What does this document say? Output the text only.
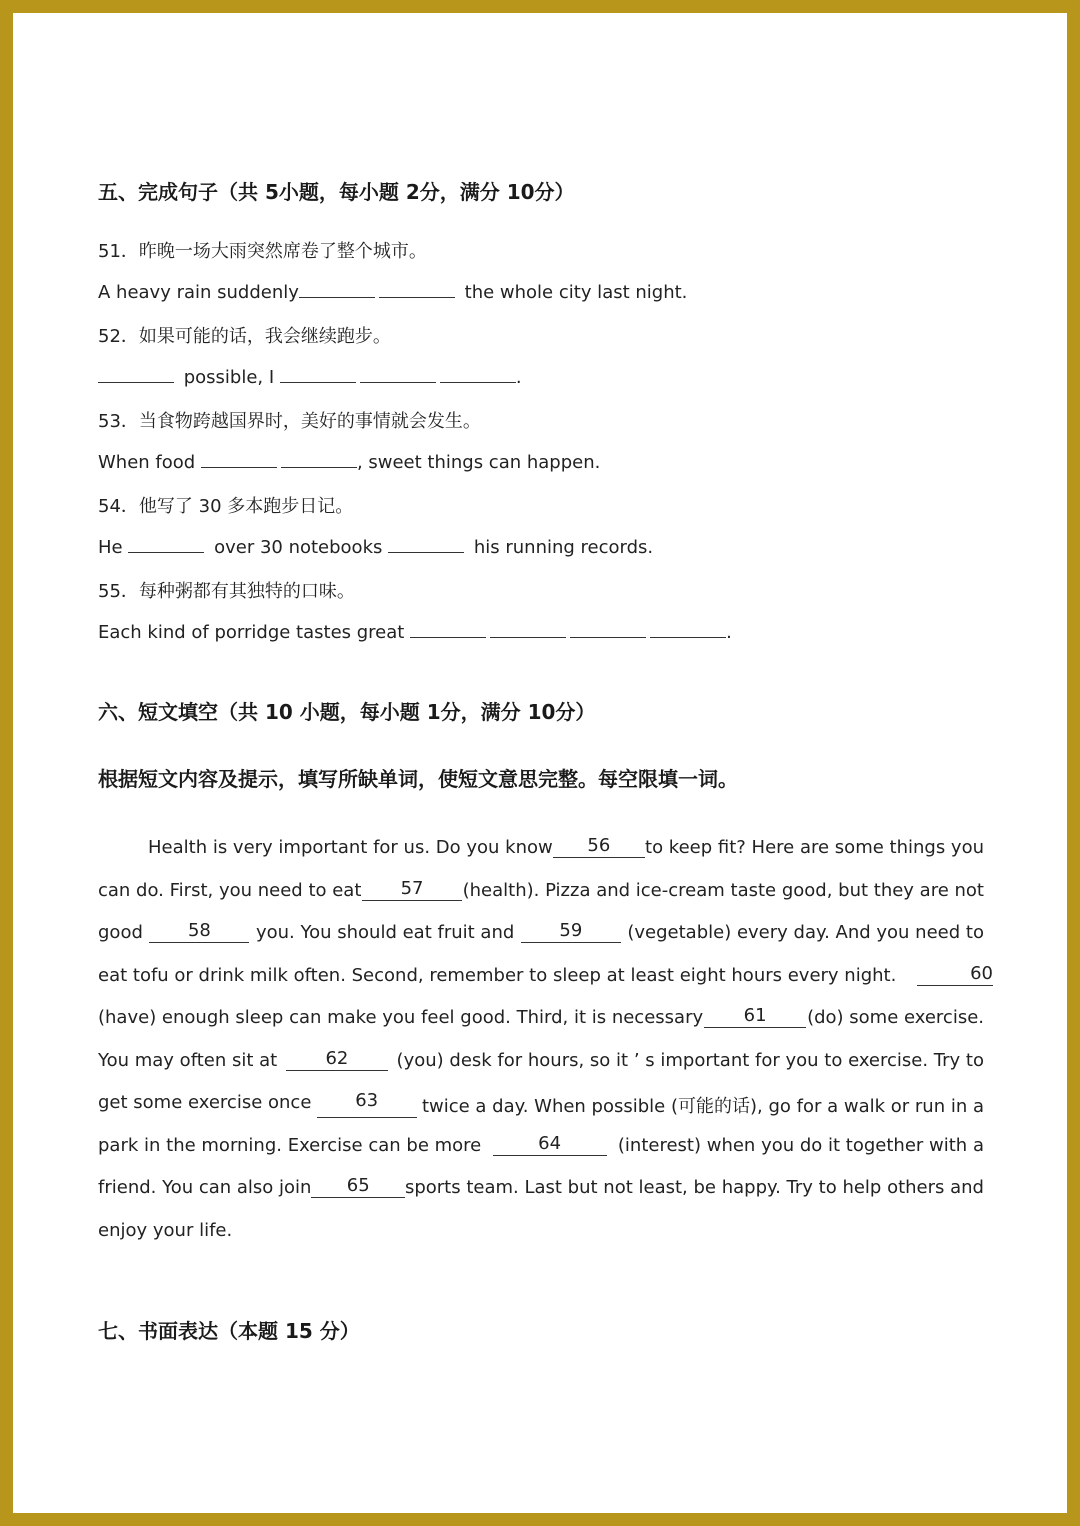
五、完成句子（共 5小题，每小题 2分，满分 10分）
51．昨晚一场大雨突然席卷了整个城市。
A heavy rain suddenly	the whole city last night.
52．如果可能的话，我会继续跑步。
possible, I	.
53．当食物跨越国界时，美好的事情就会发生。
When food	, sweet things can happen.
54．他写了 30 多本跑步日记。
He	over 30 notebooks	his running records.
55．每种粥都有其独特的口味。
Each kind of porridge tastes great	.
六、短文填空（共 10 小题，每小题 1分，满分 10分）
根据短文内容及提示，填写所缺单词，使短文意思完整。每空限填一词。
Health is very important for us. Do you know	56	to keep fit? Here are some things you
can do. First, you need to eat	57	(health). Pizza and ice-cream taste good, but they are not
good	58	you. You should eat fruit and	59	(vegetable) every day. And you need to
eat tofu or drink milk often. Second, remember to sleep at least eight hours every night.	60
(have) enough sleep can make you feel good. Third, it is necessary	61	(do) some exercise.
You may often sit at	62	(you) desk for hours, so it ’ s important for you to exercise. Try to
get some exercise once	63	twice a day. When possible (可能的话), go for a walk or run in a
park in the morning. Exercise can be more	64	(interest) when you do it together with a
friend. You can also join	65	sports team. Last but not least, be happy. Try to help others and
enjoy your life.
七、书面表达（本题 15 分）
